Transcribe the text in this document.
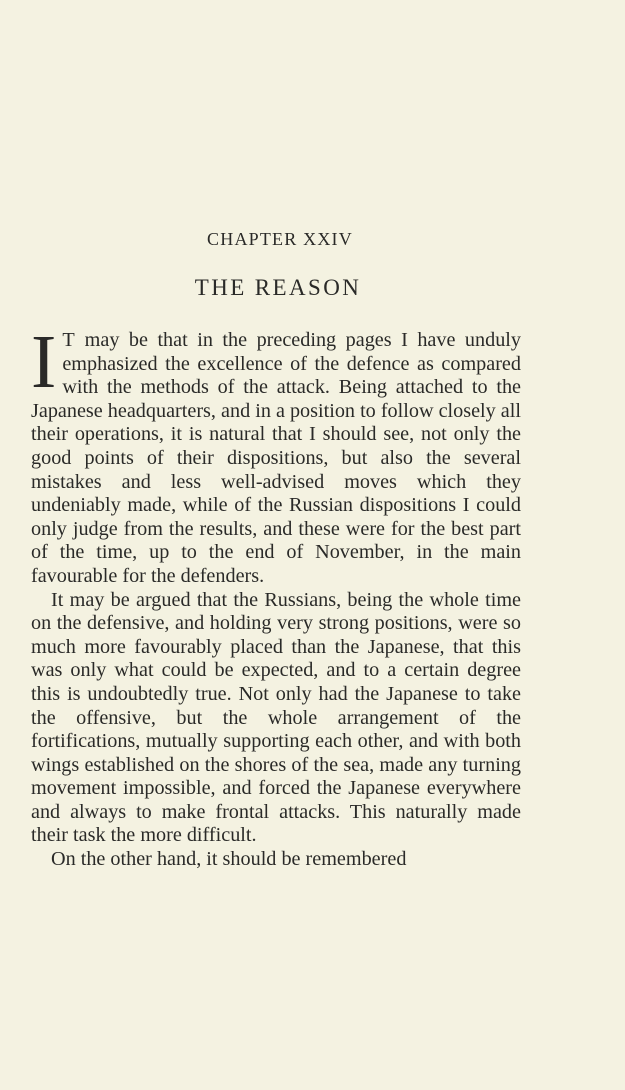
CHAPTER XXIV
THE REASON

I T may be that in the preceding pages I have unduly emphasized the excellence of the defence as compared with the methods of the attack. Being attached to the Japanese headquarters, and in a position to follow closely all their operations, it is natural that I should see, not only the good points of their dispositions, but also the several mistakes and less well-advised moves which they undeniably made, while of the Russian dispositions I could only judge from the results, and these were for the best part of the time, up to the end of November, in the main favourable for the defenders.

It may be argued that the Russians, being the whole time on the defensive, and holding very strong positions, were so much more favourably placed than the Japanese, that this was only what could be expected, and to a certain degree this is undoubtedly true. Not only had the Japanese to take the offensive, but the whole arrangement of the fortifications, mutually supporting each other, and with both wings established on the shores of the sea, made any turning movement impossible, and forced the Japanese everywhere and always to make frontal attacks. This naturally made their task the more difficult.

On the other hand, it should be remembered
